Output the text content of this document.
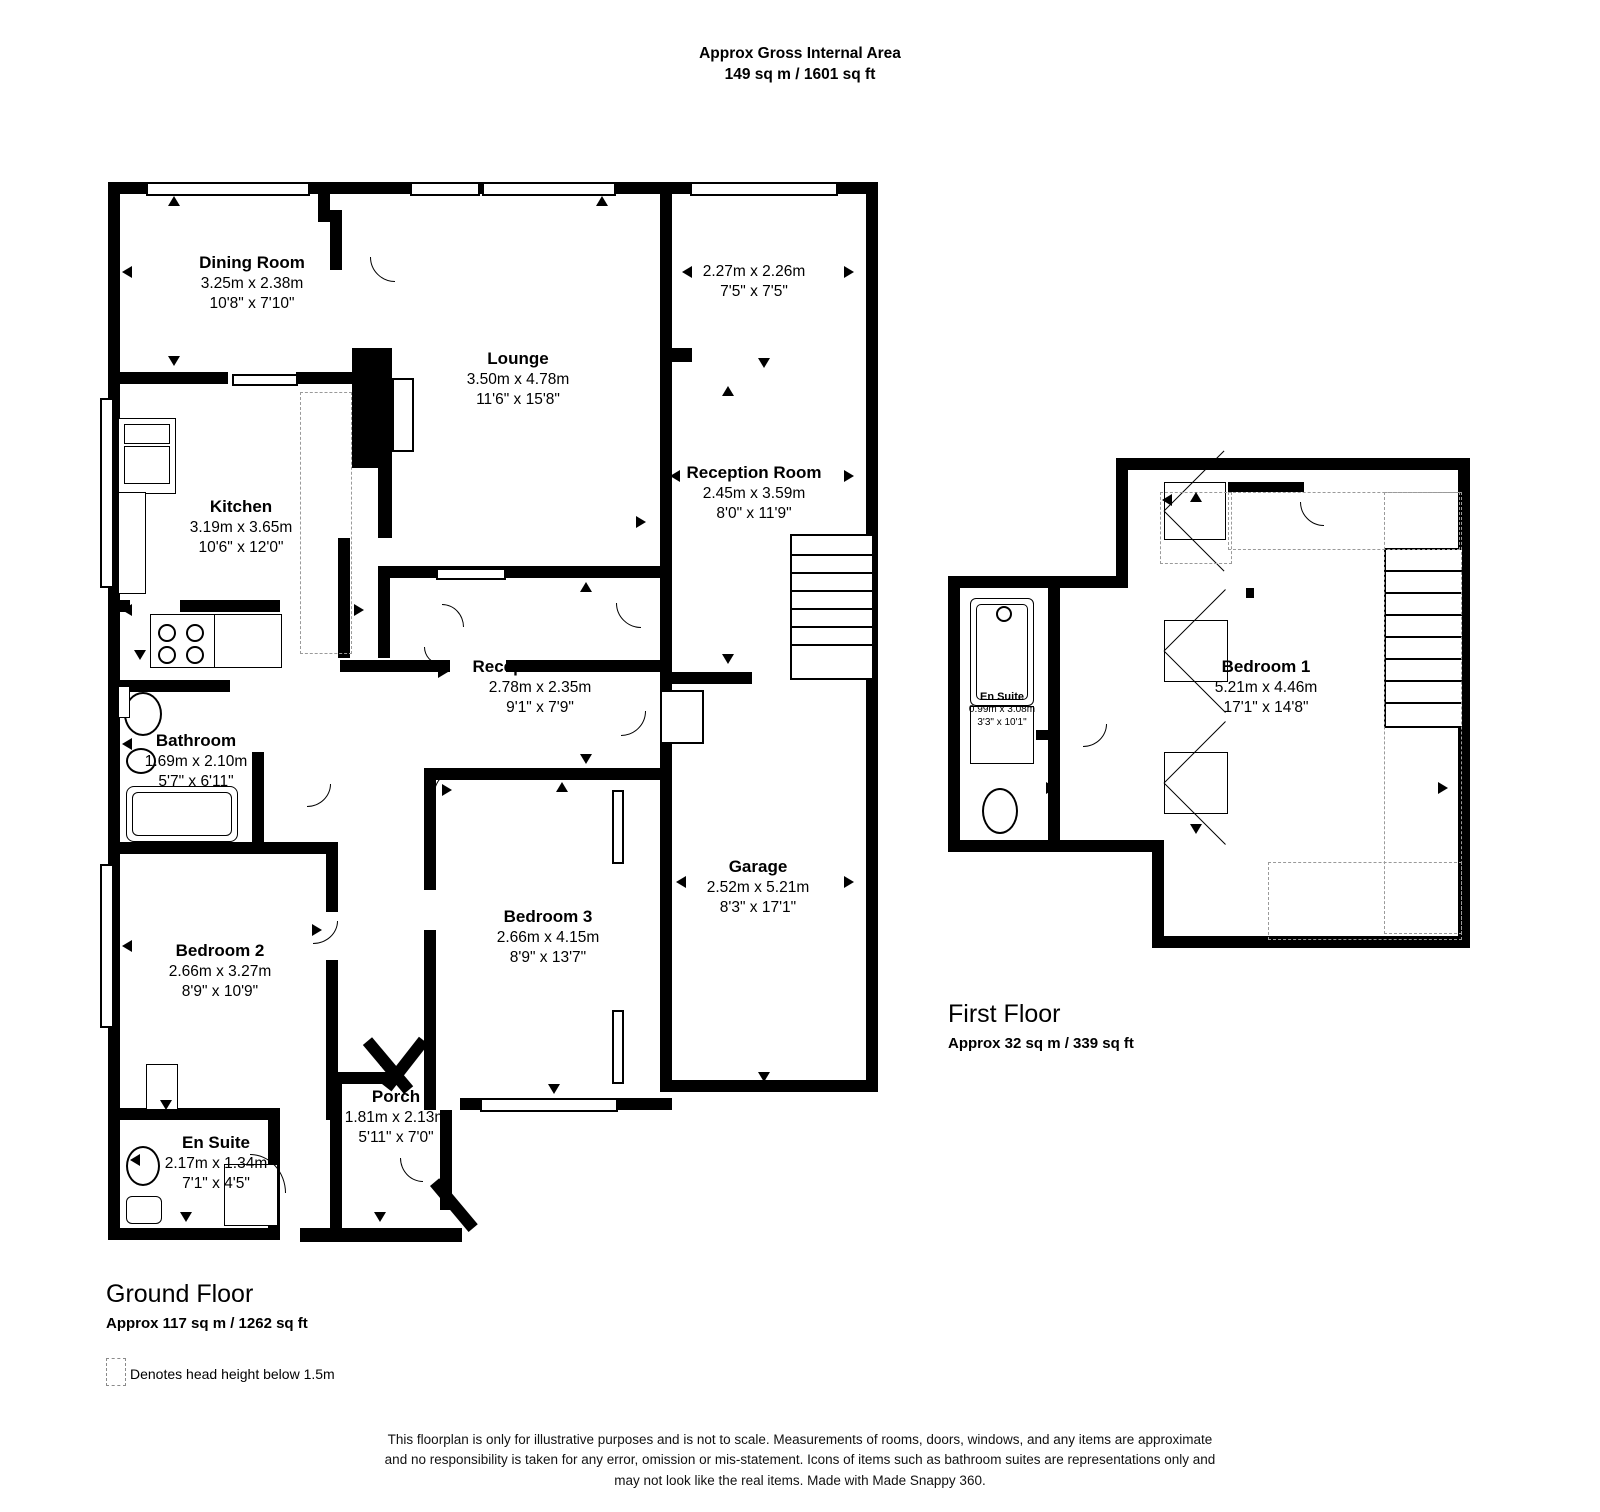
Approx Gross Internal Area
149 sq m / 1601 sq ft
Dining Room
3.25m x 2.38m
10'8" x 7'10"
Lounge
3.50m x 4.78m
11'6" x 15'8"
Kitchen
3.19m x 3.65m
10'6" x 12'0"
2.27m x 2.26m
7'5" x 7'5"
Reception Room
2.45m x 3.59m
8'0" x 11'9"
Reception Room
2.78m x 2.35m
9'1" x 7'9"
Bathroom
1.69m x 2.10m
5'7" x 6'11"
Bedroom 2
2.66m x 3.27m
8'9" x 10'9"
Bedroom 3
2.66m x 4.15m
8'9" x 13'7"
Garage
2.52m x 5.21m
8'3" x 17'1"
Porch
1.81m x 2.13m
5'11" x 7'0"
En Suite
2.17m x 1.34m
7'1" x 4'5"
Bedroom 1
5.21m x 4.46m
17'1" x 14'8"
En Suite
0.99m x 3.08m
3'3" x 10'1"
First Floor
Approx 32 sq m / 339 sq ft
Ground Floor
Approx 117 sq m / 1262 sq ft
Denotes head height below 1.5m
This floorplan is only for illustrative purposes and is not to scale. Measurements of rooms, doors, windows, and any items are approximate
and no responsibility is taken for any error, omission or mis-statement. Icons of items such as bathroom suites are representations only and
may not look like the real items. Made with Made Snappy 360.
